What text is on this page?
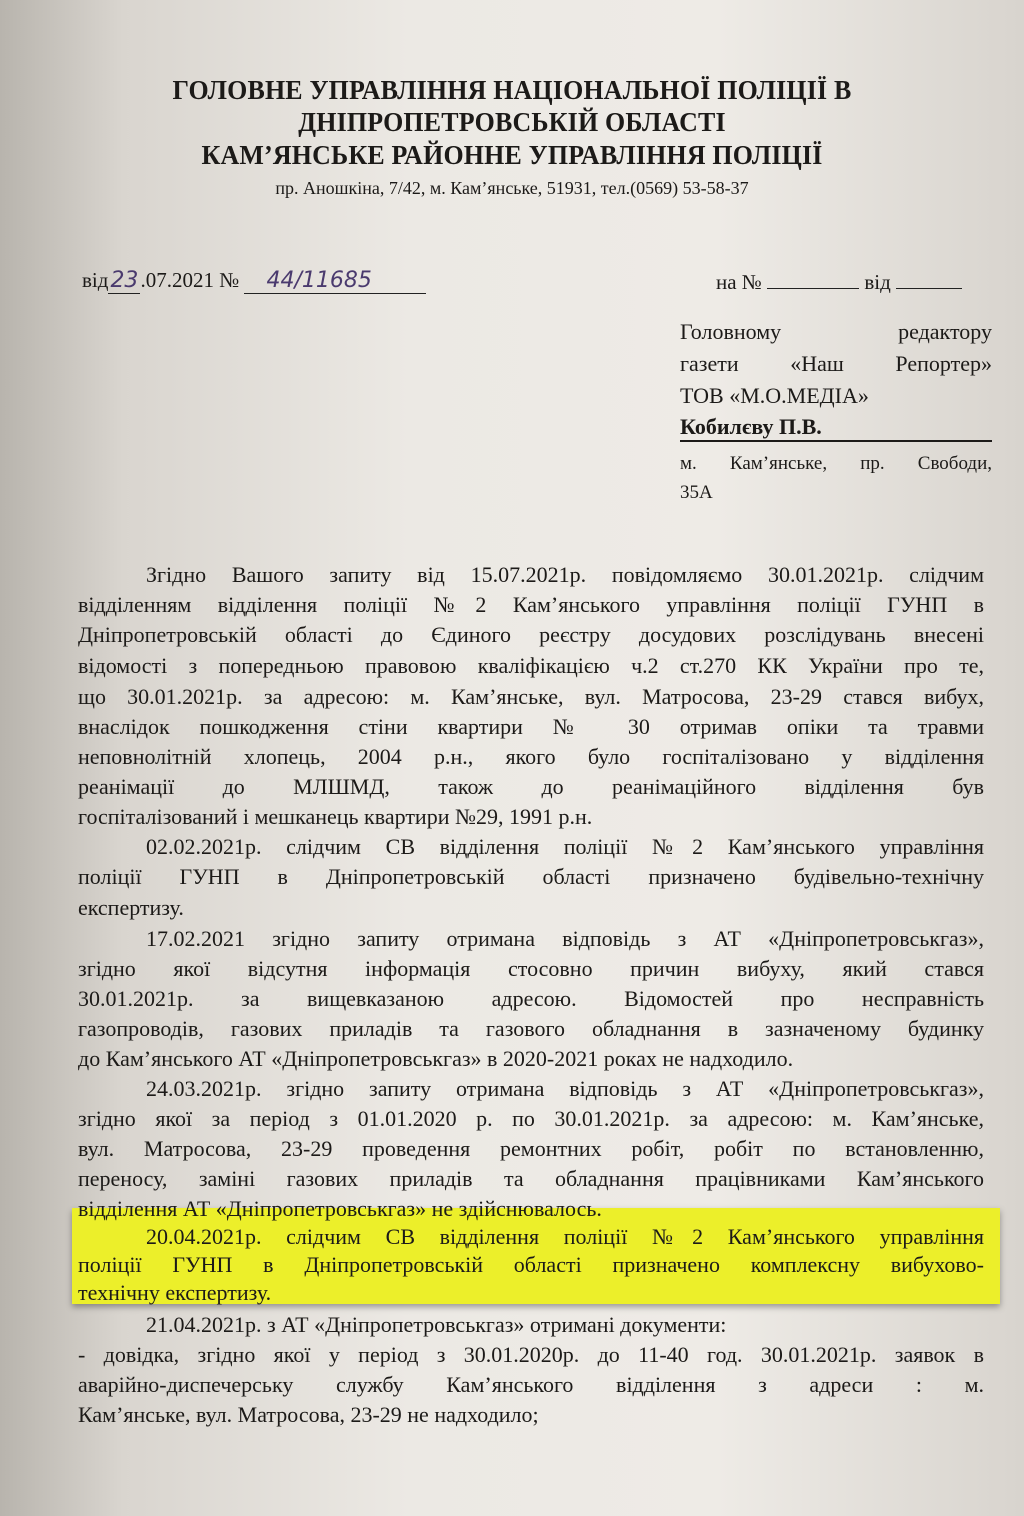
ГОЛОВНЕ УПРАВЛІННЯ НАЦІОНАЛЬНОЇ ПОЛІЦІЇ В
ДНІПРОПЕТРОВСЬКІЙ ОБЛАСТІ
КАМ’ЯНСЬКЕ РАЙОННЕ УПРАВЛІННЯ ПОЛІЦІЇ
пр. Аношкіна, 7/42, м. Кам’янське, 51931, тел.(0569) 53-58-37
від23.07.2021 № 44/11685	на №	від
Головному	редактору
газети «Наш Репортер»
ТОВ «М.О.МЕДІА»
Кобилєву П.В.
м. Кам’янське, пр. Свободи,
35А
Згідно Вашого запиту від 15.07.2021р. повідомляємо 30.01.2021р. слідчим
відділенням відділення поліції №2 Кам’янського управління поліції ГУНП в
Дніпропетровській області до Єдиного реєстру досудових розслідувань внесені
відомості з попередньою правовою кваліфікацією ч.2 ст.270 КК України про те,
що 30.01.2021р. за адресою: м. Кам’янське, вул. Матросова, 23-29 стався вибух,
внаслідок пошкодження стіни квартири № 30 отримав опіки та травми
неповнолітній хлопець, 2004 р.н., якого було госпіталізовано у відділення
реанімації до МЛШМД, також до реанімаційного відділення був
госпіталізований і мешканець квартири №29, 1991 р.н.
02.02.2021р. слідчим СВ відділення поліції №2 Кам’янського управління
поліції ГУНП в Дніпропетровській області призначено будівельно-технічну
експертизу.
17.02.2021 згідно запиту отримана відповідь з АТ «Дніпропетровськгаз»,
згідно якої відсутня інформація стосовно причин вибуху, який стався
30.01.2021р. за вищевказаною адресою. Відомостей про несправність
газопроводів, газових приладів та газового обладнання в зазначеному будинку
до Кам’янського АТ «Дніпропетровськгаз» в 2020-2021 роках не надходило.
24.03.2021р. згідно запиту отримана відповідь з АТ «Дніпропетровськгаз»,
згідно якої за період з 01.01.2020 р. по 30.01.2021р. за адресою: м. Кам’янське,
вул. Матросова, 23-29 проведення ремонтних робіт, робіт по встановленню,
переносу, заміні газових приладів та обладнання працівниками Кам’янського
відділення АТ «Дніпропетровськгаз» не здійснювалось.
20.04.2021р. слідчим СВ відділення поліції №2 Кам’янського управління
поліції ГУНП в Дніпропетровській області призначено комплексну вибухово-
технічну експертизу.
21.04.2021р. з АТ «Дніпропетровськгаз» отримані документи:
- довідка, згідно якої у період з 30.01.2020р. до 11-40 год. 30.01.2021р. заявок в
аварійно-диспечерську службу Кам’янського відділення з адреси : м.
Кам’янське, вул. Матросова, 23-29 не надходило;
